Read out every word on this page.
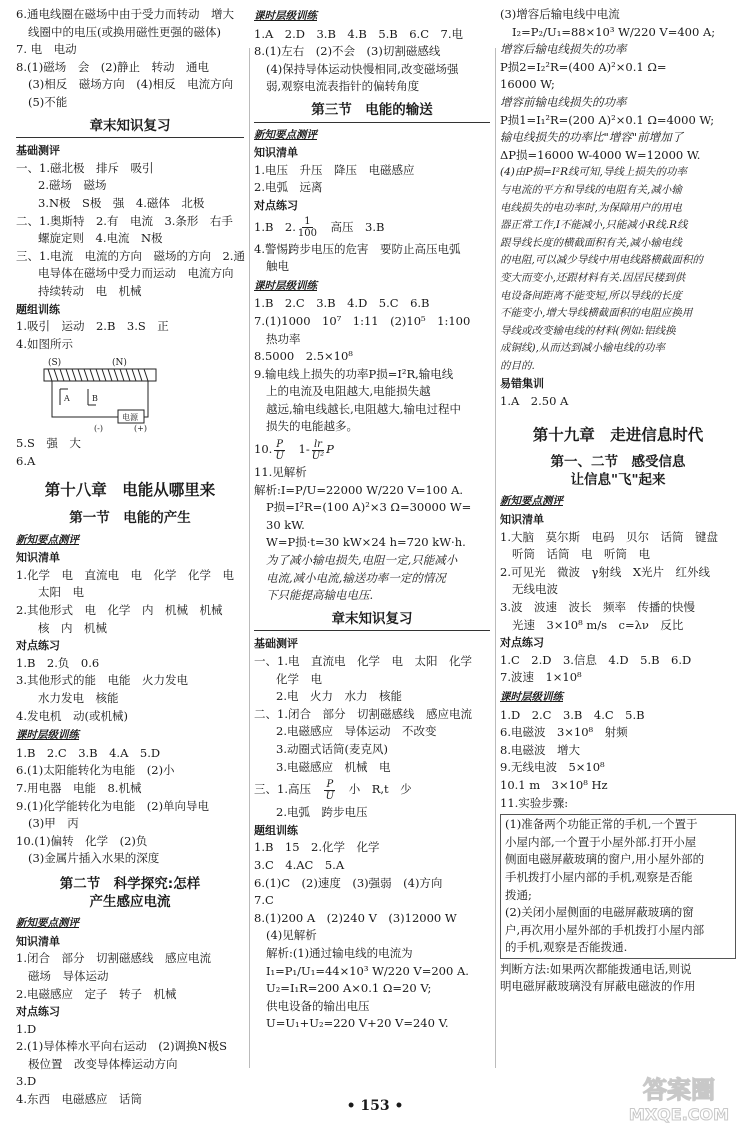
6.通电线圈在磁场中由于受力而转动　增大
线圈中的电压(或换用磁性更强的磁体)
7. 电　电动
8.(1)磁场　会　(2)静止　转动　通电
(3)相反　磁场方向　(4)相反　电流方向
(5)不能
章末知识复习
基础测评
一、1.磁北极　排斥　吸引
2.磁场　磁场
3.N极　S极　强　4.磁体　北极
二、1.奥斯特　2.有　电流　3.条形　右手
螺旋定则　4.电流　N极
三、1.电流　电流的方向　磁场的方向　2.通
电导体在磁场中受力而运动　电流方向
持续转动　电　机械
题组训练
1.吸引　运动　2.B　3.S　正
4.如图所示
(S)	(N)
A	B
电源
(-)	(+)
5.S　强　大
6.A
第十八章　电能从哪里来
第一节　电能的产生
新知要点测评
知识清单
1.化学　电　直流电　电　化学　化学　电
太阳　电
2.其他形式　电　化学　内　机械　机械
核　内　机械
对点练习
1.B　2.负　0.6
3.其他形式的能　电能　火力发电
水力发电　核能
4.发电机　动(或机械)
课时层级训练
1.B　2.C　3.B　4.A　5.D
6.(1)太阳能转化为电能　(2)小
7.用电器　电能　8.机械
9.(1)化学能转化为电能　(2)单向导电
(3)甲　丙
10.(1)偏转　化学　(2)负
(3)金属片插入水果的深度
第二节　科学探究:怎样
产生感应电流
新知要点测评
知识清单
1.闭合　部分　切割磁感线　感应电流
磁场　导体运动
2.电磁感应　定子　转子　机械
对点练习
1.D
2.(1)导体棒水平向右运动　(2)调换N极S
极位置　改变导体棒运动方向
3.D
4.东西　电磁感应　话筒
课时层级训练
1.A　2.D　3.B　4.B　5.B　6.C　7.电
8.(1)左右　(2)不会　(3)切割磁感线
(4)保持导体运动快慢相同,改变磁场强
弱,观察电流表指针的偏转角度
第三节　电能的输送
新知要点测评
知识清单
1.电压　升压　降压　电磁感应
2.电弧　远离
对点练习
1.B　2. $\frac{1}{100}$ 　高压　3.B
4.警惕跨步电压的危害　要防止高压电弧
触电
课时层级训练
1.B　2.C　3.B　4.D　5.C　6.B
7.(1)1000　10⁷　1:11　(2)10⁵　1:100
热功率
8.5000　2.5×10⁸
9.输电线上损失的功率P损=I²R,输电线
上的电流及电阻越大,电能损失越
越远,输电线越长,电阻越大,输电过程中
损失的电能越多。
10. $\frac{P}{U}$ 　$1- \frac{lr}{\text{U²}}$ P
11.见解析
解析:I=P/U=22000 W/220 V=100 A.
P损=I²R=(100 A)²×3 Ω=30000 W=
30 kW.
W=P损·t=30 kW×24 h=720 kW·h.
为了减小输电损失,电阻一定,只能减小
电流,减小电流,输送功率一定的情况
下只能提高输电电压.
章末知识复习
基础测评
一、1.电　直流电　化学　电　太阳　化学
化学　电
2.电　火力　水力　核能
二、1.闭合　部分　切割磁感线　感应电流
2.电磁感应　导体运动　不改变
3.动圈式话筒(麦克风)
3.电磁感应　机械　电
三、1.高压　 $\frac{P}{U}$ 　小　R,t　少
2.电弧　跨步电压
题组训练
1.B　15　2.化学　化学
3.C　4.AC　5.A
6.(1)C　(2)速度　(3)强弱　(4)方向
7.C
8.(1)200 A　(2)240 V　(3)12000 W
(4)见解析
解析:(1)通过输电线的电流为
I₁=P₁/U₁=44×10³ W/220 V=200 A.
U₂=I₁R=200 A×0.1 Ω=20 V;
供电设备的输出电压
U=U₁+U₂=220 V+20 V=240 V.
(3)增容后输电线中电流
I₂=P₂/U₁=88×10³ W/220 V=400 A;
增容后输电线损失的功率
P损2=I₂²R=(400 A)²×0.1 Ω=
16000 W;
增容前输电线损失的功率
P损1=I₁²R=(200 A)²×0.1 Ω=4000 W;
输电线损失的功率比"增容"前增加了
ΔP损=16000 W-4000 W=12000 W.
(4)由P损=I²R线可知,导线上损失的功率
与电流的平方和导线的电阻有关,减小输
电线损失的电功率时,为保障用户的用电
器正常工作,I不能减小,只能减小R线.R线
跟导线长度的横截面积有关,减小输电线
的电阻,可以减少导线中用电线路横截面积的
变大而变小,还跟材料有关.因居民楼到供
电设备间距离不能变短,所以导线的长度
不能变小,增大导线横截面积的电阻应换用
导线或改变输电线的材料(例如:铝线换
成铜线),从而达到减小输电线的功率
的目的.
易错集训
1.A　2.50 A
第十九章　走进信息时代
第一、二节　感受信息
让信息"飞"起来
新知要点测评
知识清单
1.大脑　莫尔斯　电码　贝尔　话筒　键盘
听筒　话筒　电　听筒　电
2.可见光　微波　γ射线　X光片　红外线
无线电波
3.波　波速　波长　频率　传播的快慢
光速　3×10⁸ m/s　c=λν　反比
对点练习
1.C　2.D　3.信息　4.D　5.B　6.D
7.波速　1×10⁸
课时层级训练
1.D　2.C　3.B　4.C　5.B
6.电磁波　3×10⁸　射频
8.电磁波　增大
9.无线电波　5×10⁸
10.1 m　3×10⁸ Hz
11.实验步骤:
(1)准备两个功能正常的手机,一个置于
小屋内部,一个置于小屋外部.打开小屋
侧面电磁屏蔽玻璃的窗户,用小屋外部的
手机拨打小屋内部的手机,观察是否能
拨通;
(2)关闭小屋侧面的电磁屏蔽玻璃的窗
户,再次用小屋外部的手机拨打小屋内部
的手机,观察是否能拨通.
判断方法:如果两次都能拨通电话,则说
明电磁屏蔽玻璃没有屏蔽电磁波的作用
• 153 •
答案圈
MXQE.COM
